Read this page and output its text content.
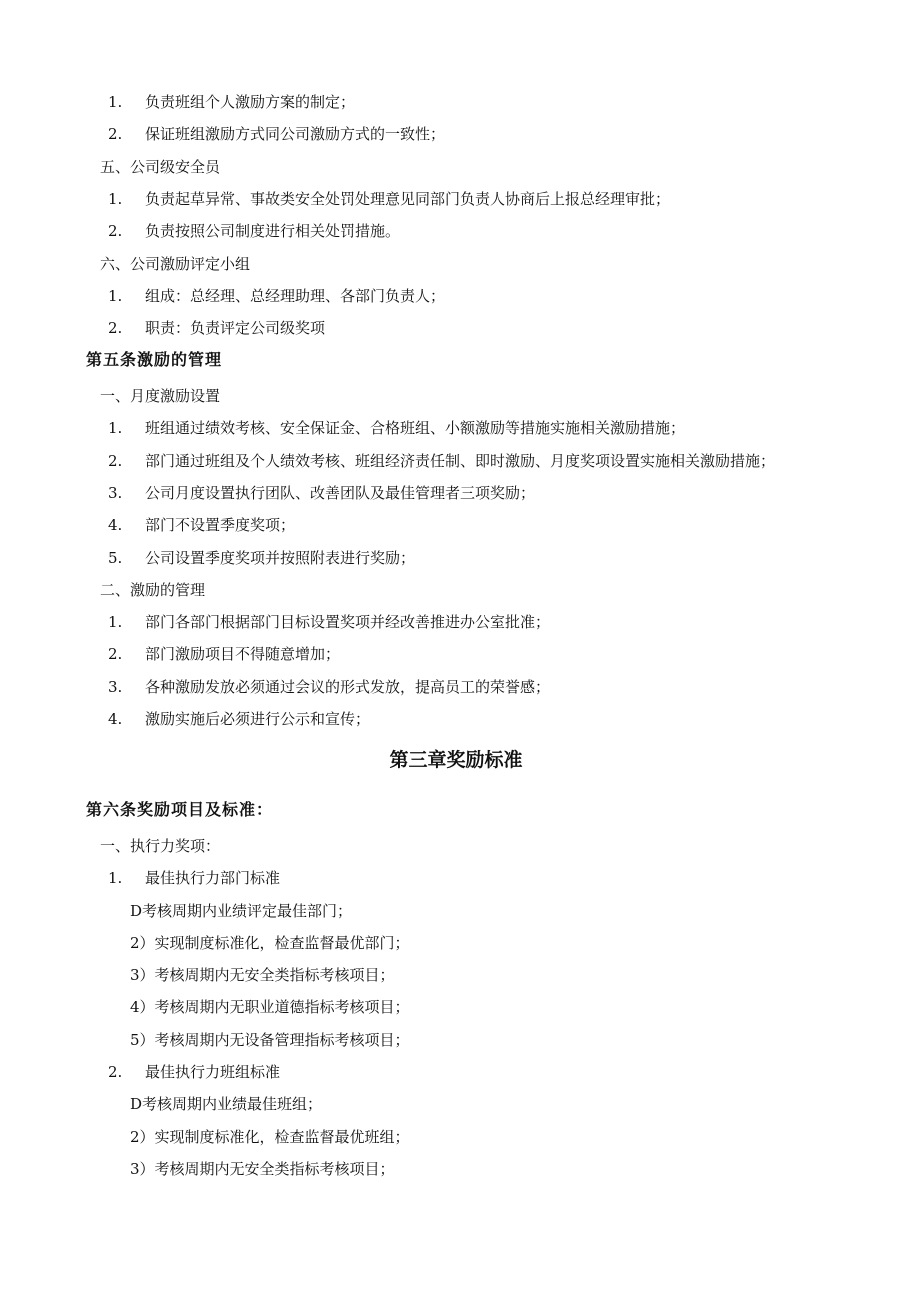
1. 负责班组个人激励方案的制定；
2. 保证班组激励方式同公司激励方式的一致性；
五、公司级安全员
1. 负责起草异常、事故类安全处罚处理意见同部门负责人协商后上报总经理审批；
2. 负责按照公司制度进行相关处罚措施。
六、公司激励评定小组
1. 组成：总经理、总经理助理、各部门负责人；
2. 职责：负责评定公司级奖项
第五条激励的管理
一、月度激励设置
1. 班组通过绩效考核、安全保证金、合格班组、小额激励等措施实施相关激励措施；
2. 部门通过班组及个人绩效考核、班组经济责任制、即时激励、月度奖项设置实施相关激励措施；
3. 公司月度设置执行团队、改善团队及最佳管理者三项奖励；
4. 部门不设置季度奖项；
5. 公司设置季度奖项并按照附表进行奖励；
二、激励的管理
1. 部门各部门根据部门目标设置奖项并经改善推进办公室批准；
2. 部门激励项目不得随意增加；
3. 各种激励发放必须通过会议的形式发放，提高员工的荣誉感；
4. 激励实施后必须进行公示和宣传；
第三章奖励标准
第六条奖励项目及标准：
一、执行力奖项：
1. 最佳执行力部门标准
D考核周期内业绩评定最佳部门；
2）实现制度标准化，检查监督最优部门；
3）考核周期内无安全类指标考核项目；
4）考核周期内无职业道德指标考核项目；
5）考核周期内无设备管理指标考核项目；
2. 最佳执行力班组标准
D考核周期内业绩最佳班组；
2）实现制度标准化，检查监督最优班组；
3）考核周期内无安全类指标考核项目；
